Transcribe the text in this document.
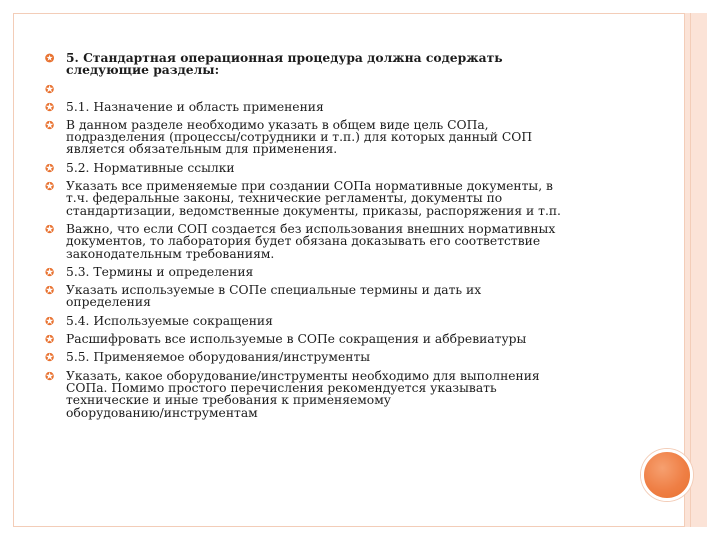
✪ 5. Стандартная операционная процедура должна содержать
следующие разделы:
✪
✪ 5.1. Назначение и область применения
✪ В данном разделе необходимо указать в общем виде цель СОПа,
подразделения (процессы/сотрудники и т.п.) для которых данный СОП
является обязательным для применения.
✪ 5.2. Нормативные ссылки
✪ Указать все применяемые при создании СОПа нормативные документы, в
т.ч. федеральные законы, технические регламенты, документы по
стандартизации, ведомственные документы, приказы, распоряжения и т.п.
✪ Важно, что если СОП создается без использования внешних нормативных
документов, то лаборатория будет обязана доказывать его соответствие
законодательным требованиям.
✪ 5.3. Термины и определения
✪ Указать используемые в СОПе специальные термины и дать их
определения
✪ 5.4. Используемые сокращения
✪ Расшифровать все используемые в СОПе сокращения и аббревиатуры
✪ 5.5. Применяемое оборудования/инструменты
✪ Указать, какое оборудование/инструменты необходимо для выполнения
СОПа. Помимо простого перечисления рекомендуется указывать
технические и иные требования к применяемому
оборудованию/инструментам
